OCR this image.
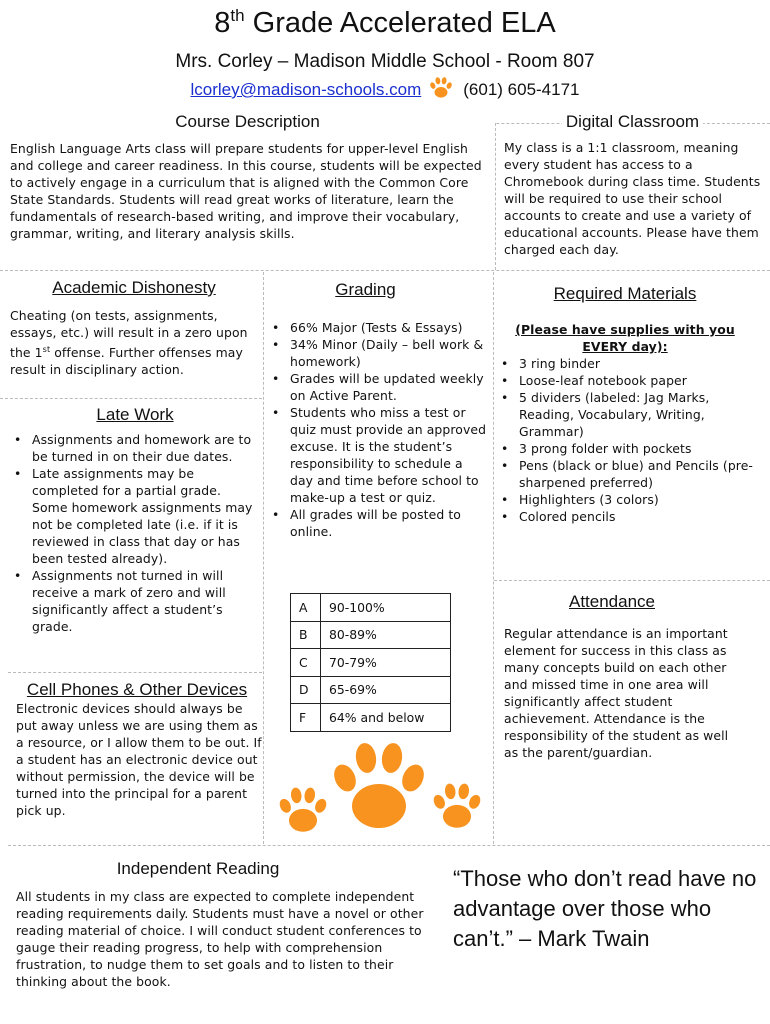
8th Grade Accelerated ELA
Mrs. Corley – Madison Middle School - Room 807
lcorley@madison-schools.com (601) 605-4171
Course Description
English Language Arts class will prepare students for upper-level English and college and career readiness. In this course, students will be expected to actively engage in a curriculum that is aligned with the Common Core State Standards. Students will read great works of literature, learn the fundamentals of research-based writing, and improve their vocabulary, grammar, writing, and literary analysis skills.
Digital Classroom
My class is a 1:1 classroom, meaning every student has access to a Chromebook during class time. Students will be required to use their school accounts to create and use a variety of educational accounts. Please have them charged each day.
Academic Dishonesty
Cheating (on tests, assignments, essays, etc.) will result in a zero upon the 1st offense. Further offenses may result in disciplinary action.
Late Work
• Assignments and homework are to be turned in on their due dates.
• Late assignments may be completed for a partial grade. Some homework assignments may not be completed late (i.e. if it is reviewed in class that day or has been tested already).
• Assignments not turned in will receive a mark of zero and will significantly affect a student’s grade.
Cell Phones & Other Devices
Electronic devices should always be put away unless we are using them as a resource, or I allow them to be out. If a student has an electronic device out without permission, the device will be turned into the principal for a parent pick up.
Grading
• 66% Major (Tests & Essays)
• 34% Minor (Daily – bell work & homework)
• Grades will be updated weekly on Active Parent.
• Students who miss a test or quiz must provide an approved excuse. It is the student’s responsibility to schedule a day and time before school to make-up a test or quiz.
• All grades will be posted to online.
A	90-100%
B	80-89%
C	70-79%
D	65-69%
F	64% and below
Required Materials
(Please have supplies with you
EVERY day):
• 3 ring binder
• Loose-leaf notebook paper
• 5 dividers (labeled: Jag Marks, Reading, Vocabulary, Writing, Grammar)
• 3 prong folder with pockets
• Pens (black or blue) and Pencils (pre-sharpened preferred)
• Highlighters (3 colors)
• Colored pencils
Attendance
Regular attendance is an important element for success in this class as many concepts build on each other and missed time in one area will significantly affect student achievement. Attendance is the responsibility of the student as well as the parent/guardian.
Independent Reading
All students in my class are expected to complete independent reading requirements daily. Students must have a novel or other reading material of choice. I will conduct student conferences to gauge their reading progress, to help with comprehension frustration, to nudge them to set goals and to listen to their thinking about the book.
“Those who don’t read have no advantage over those who can’t.” – Mark Twain
